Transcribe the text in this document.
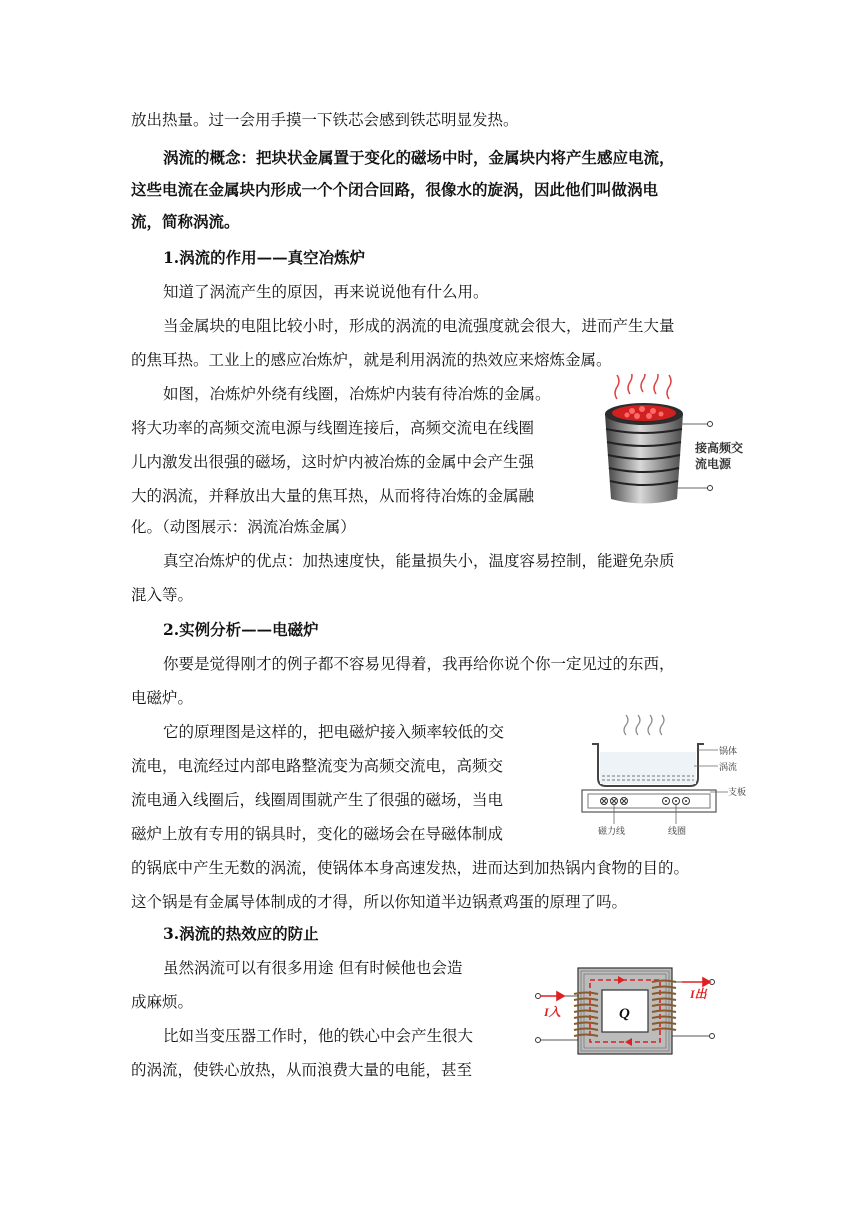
放出热量。过一会用手摸一下铁芯会感到铁芯明显发热。
涡流的概念：把块状金属置于变化的磁场中时，金属块内将产生感应电流，
这些电流在金属块内形成一个个闭合回路，很像水的旋涡，因此他们叫做涡电
流，简称涡流。
1.涡流的作用——真空冶炼炉
知道了涡流产生的原因，再来说说他有什么用。
当金属块的电阻比较小时，形成的涡流的电流强度就会很大，进而产生大量
的焦耳热。工业上的感应冶炼炉，就是利用涡流的热效应来熔炼金属。
如图，冶炼炉外绕有线圈，冶炼炉内装有待冶炼的金属。
将大功率的高频交流电源与线圈连接后，高频交流电在线圈
儿内激发出很强的磁场，这时炉内被冶炼的金属中会产生强
大的涡流，并释放出大量的焦耳热，从而将待冶炼的金属融
化。（动图展示：涡流冶炼金属）
真空冶炼炉的优点：加热速度快，能量损失小，温度容易控制，能避免杂质
混入等。
接高频交
流电源
2.实例分析——电磁炉
你要是觉得刚才的例子都不容易见得着，我再给你说个你一定见过的东西，
电磁炉。
它的原理图是这样的，把电磁炉接入频率较低的交
流电，电流经过内部电路整流变为高频交流电，高频交
流电通入线圈后，线圈周围就产生了很强的磁场，当电
磁炉上放有专用的锅具时，变化的磁场会在导磁体制成
的锅底中产生无数的涡流，使锅体本身高速发热，进而达到加热锅内食物的目的。
这个锅是有金属导体制成的才得，所以你知道半边锅煮鸡蛋的原理了吗。
锅体
涡流
支板
磁力线	线圈
3.涡流的热效应的防止
虽然涡流可以有很多用途 但有时候他也会造
成麻烦。
比如当变压器工作时，他的铁心中会产生很大
的涡流，使铁心放热，从而浪费大量的电能，甚至
I入
I出
Q
